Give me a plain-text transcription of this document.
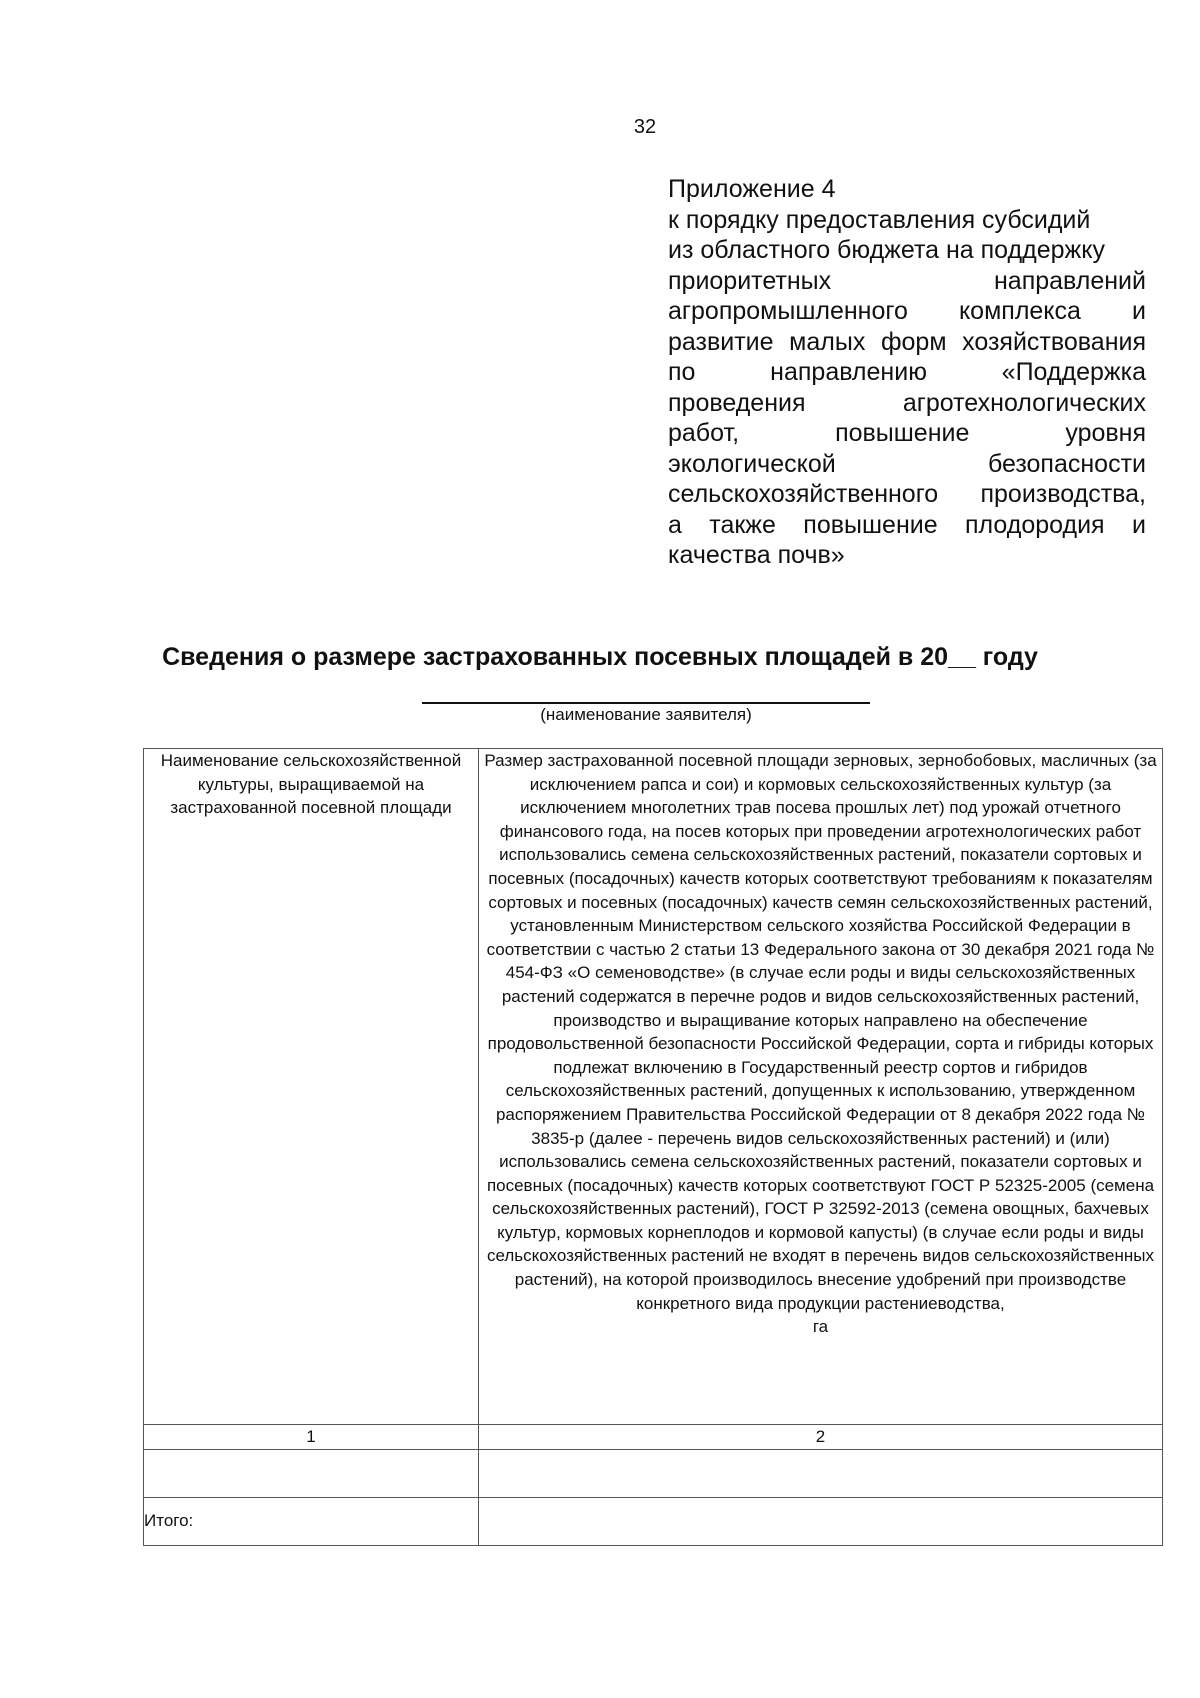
32
Приложение 4
к порядку предоставления субсидий
из областного бюджета на поддержку
приоритетных	направлений
агропромышленного комплекса и
развитие малых форм хозяйствования
по	направлению	«Поддержка
проведения	агротехнологических
работ,	повышение	уровня
экологической	безопасности
сельскохозяйственного производства,
а также повышение плодородия и
качества почв»
Сведения о размере застрахованных посевных площадей в 20__ году
(наименование заявителя)
Наименование сельскохозяйственной культуры, выращиваемой на застрахованной посевной площади	Размер застрахованной посевной площади зерновых, зернобобовых, масличных (за исключением рапса и сои) и кормовых сельскохозяйственных культур (за исключением многолетних трав посева прошлых лет) под урожай отчетного финансового года, на посев которых при проведении агротехнологических работ использовались семена сельскохозяйственных растений, показатели сортовых и посевных (посадочных) качеств которых соответствуют требованиям к показателям сортовых и посевных (посадочных) качеств семян сельскохозяйственных растений, установленным Министерством сельского хозяйства Российской Федерации в соответствии с частью 2 статьи 13 Федерального закона от 30 декабря 2021 года № 454-ФЗ «О семеноводстве» (в случае если роды и виды сельскохозяйственных растений содержатся в перечне родов и видов сельскохозяйственных растений, производство и выращивание которых направлено на обеспечение продовольственной безопасности Российской Федерации, сорта и гибриды которых подлежат включению в Государственный реестр сортов и гибридов сельскохозяйственных растений, допущенных к использованию, утвержденном распоряжением Правительства Российской Федерации от 8 декабря 2022 года № 3835-р (далее - перечень видов сельскохозяйственных растений) и (или) использовались семена сельскохозяйственных растений, показатели сортовых и посевных (посадочных) качеств которых соответствуют ГОСТ Р 52325-2005 (семена сельскохозяйственных растений), ГОСТ Р 32592-2013 (семена овощных, бахчевых культур, кормовых корнеплодов и кормовой капусты) (в случае если роды и виды сельскохозяйственных растений не входят в перечень видов сельскохозяйственных растений), на которой производилось внесение удобрений при производстве конкретного вида продукции растениеводства,
га
1	2

Итого:	
